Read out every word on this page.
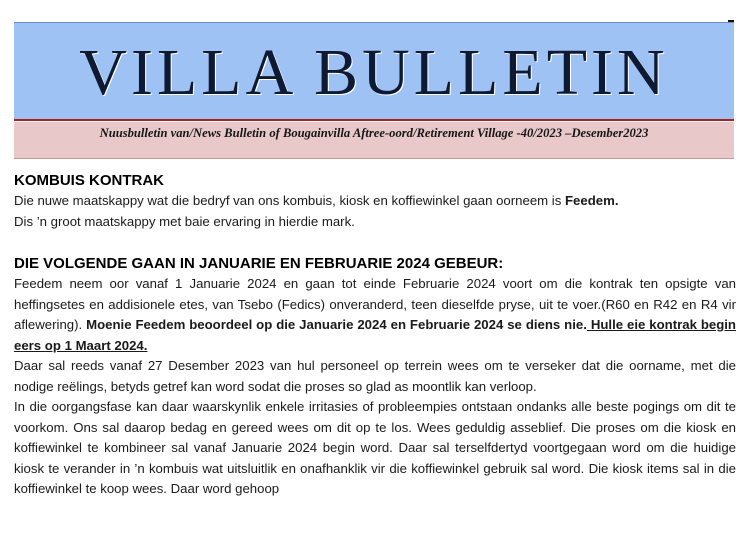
VILLA BULLETIN

Nuusbulletin van/News Bulletin of Bougainvilla Aftree-oord/Retirement Village -40/2023 –Desember2023

KOMBUIS KONTRAK

Die nuwe maatskappy wat die bedryf van ons kombuis, kiosk en koffiewinkel gaan oorneem is Feedem.

Dis ’n groot maatskappy met baie ervaring in hierdie mark.

DIE VOLGENDE GAAN IN JANUARIE EN FEBRUARIE 2024 GEBEUR:

Feedem neem oor vanaf 1 Januarie 2024 en gaan tot einde Februarie 2024 voort om die kontrak ten opsigte van heffingsetes en addisionele etes, van Tsebo (Fedics) onveranderd, teen dieselfde pryse, uit te voer.(R60 en R42 en R4 vir aflewering). Moenie Feedem beoordeel op die Januarie 2024 en Februarie 2024 se diens nie. Hulle eie kontrak begin eers op 1 Maart 2024.

Daar sal reeds vanaf 27 Desember 2023 van hul personeel op terrein wees om te verseker dat die oorname, met die nodige reëlings, betyds getref kan word sodat die proses so glad as moontlik kan verloop.

In die oorgangsfase kan daar waarskynlik enkele irritasies of probleempies ontstaan ondanks alle beste pogings om dit te voorkom. Ons sal daarop bedag en gereed wees om dit op te los. Wees geduldig asseblief. Die proses om die kiosk en koffiewinkel te kombineer sal vanaf Januarie 2024 begin word. Daar sal terselfdertyd voortgegaan word om die huidige kiosk te verander in ’n kombuis wat uitsluitlik en onafhanklik vir die koffiewinkel gebruik sal word. Die kiosk items sal in die koffiewinkel te koop wees. Daar word gehoop
